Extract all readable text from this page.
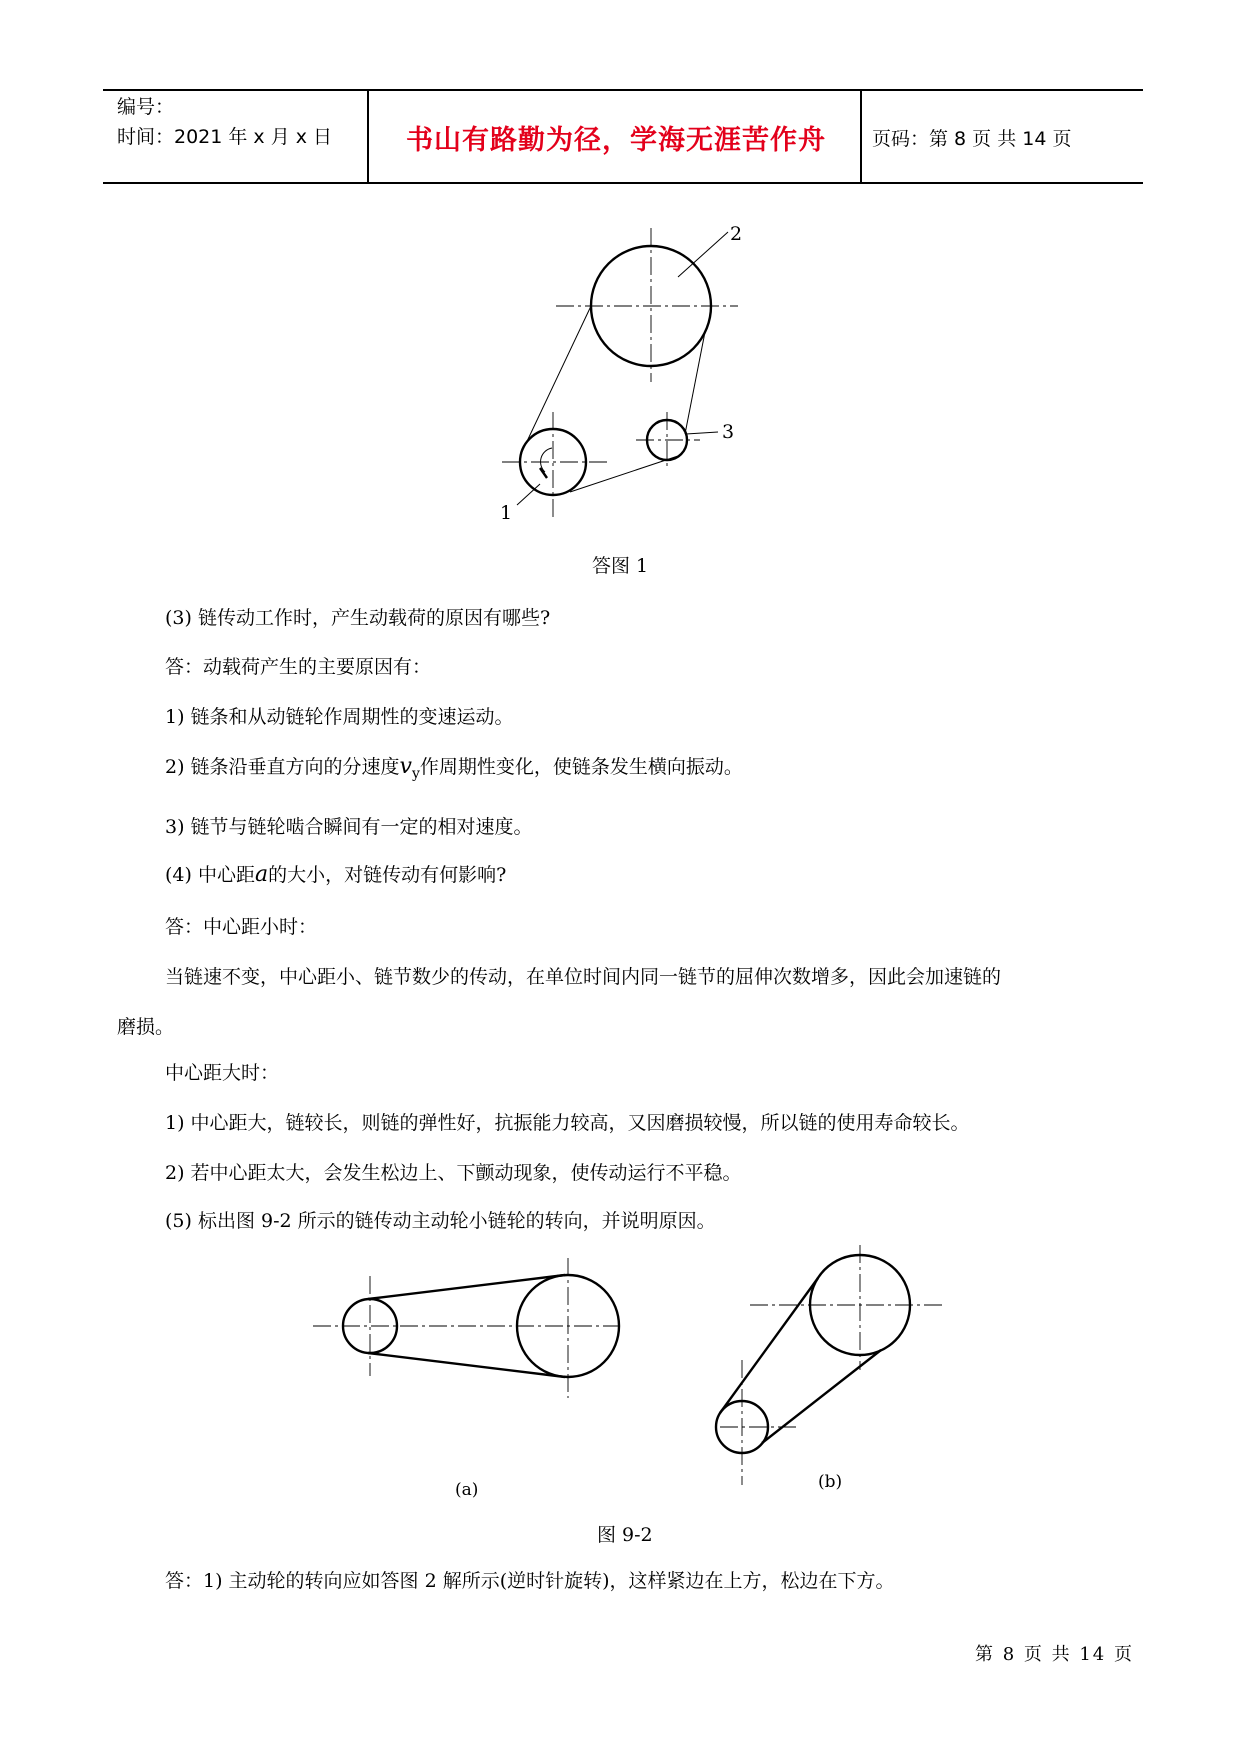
编号：
时间：2021 年 x 月 x 日	书山有路勤为径，学海无涯苦作舟	页码：第 8 页 共 14 页
2
3
1
答图 1
(3) 链传动工作时，产生动载荷的原因有哪些?
答：动载荷产生的主要原因有：
1) 链条和从动链轮作周期性的变速运动。
2) 链条沿垂直方向的分速度$v_y$作周期性变化，使链条发生横向振动。
3) 链节与链轮啮合瞬间有一定的相对速度。
(4) 中心距a的大小，对链传动有何影响?
答：中心距小时：
当链速不变，中心距小、链节数少的传动，在单位时间内同一链节的屈伸次数增多，因此会加速链的
磨损。
中心距大时：
1) 中心距大，链较长，则链的弹性好，抗振能力较高，又因磨损较慢，所以链的使用寿命较长。
2) 若中心距太大，会发生松边上、下颤动现象，使传动运行不平稳。
(5) 标出图 9-2 所示的链传动主动轮小链轮的转向，并说明原因。
(a)	(b)
图 9-2
答：1) 主动轮的转向应如答图 2 解所示(逆时针旋转)，这样紧边在上方，松边在下方。
第 8 页 共 14 页
